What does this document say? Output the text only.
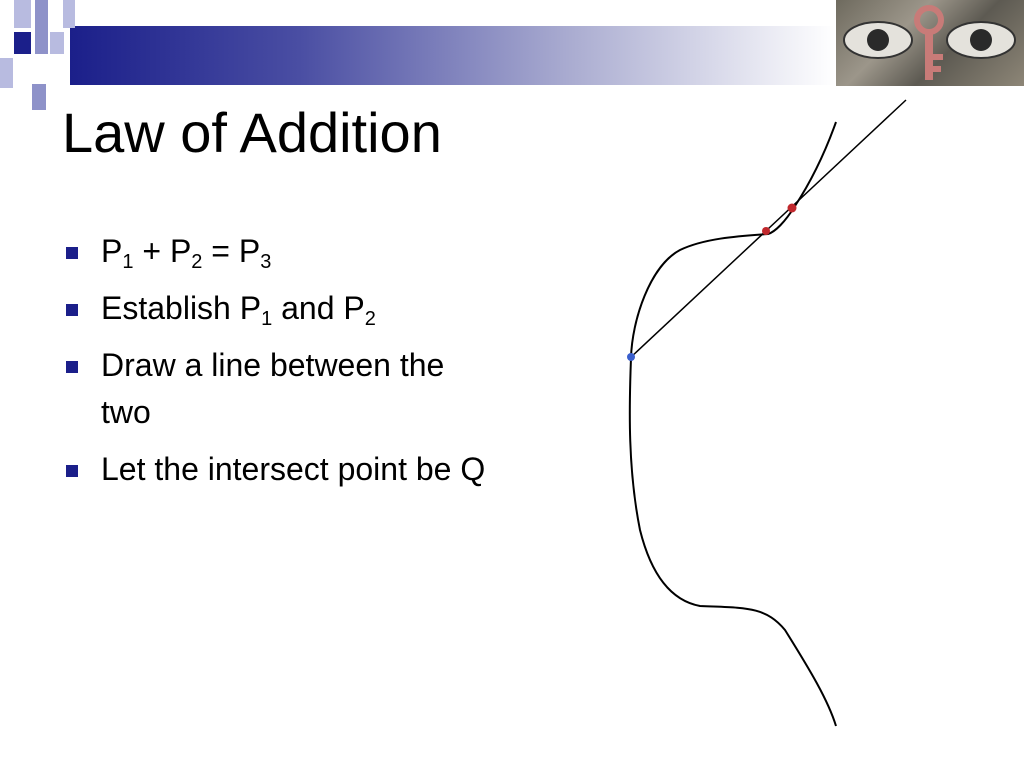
Law of Addition
$P_1 + P_2 = P_3$
Establish $P_1$ and $P_2$
Draw a line between the two
Let the intersect point be Q
